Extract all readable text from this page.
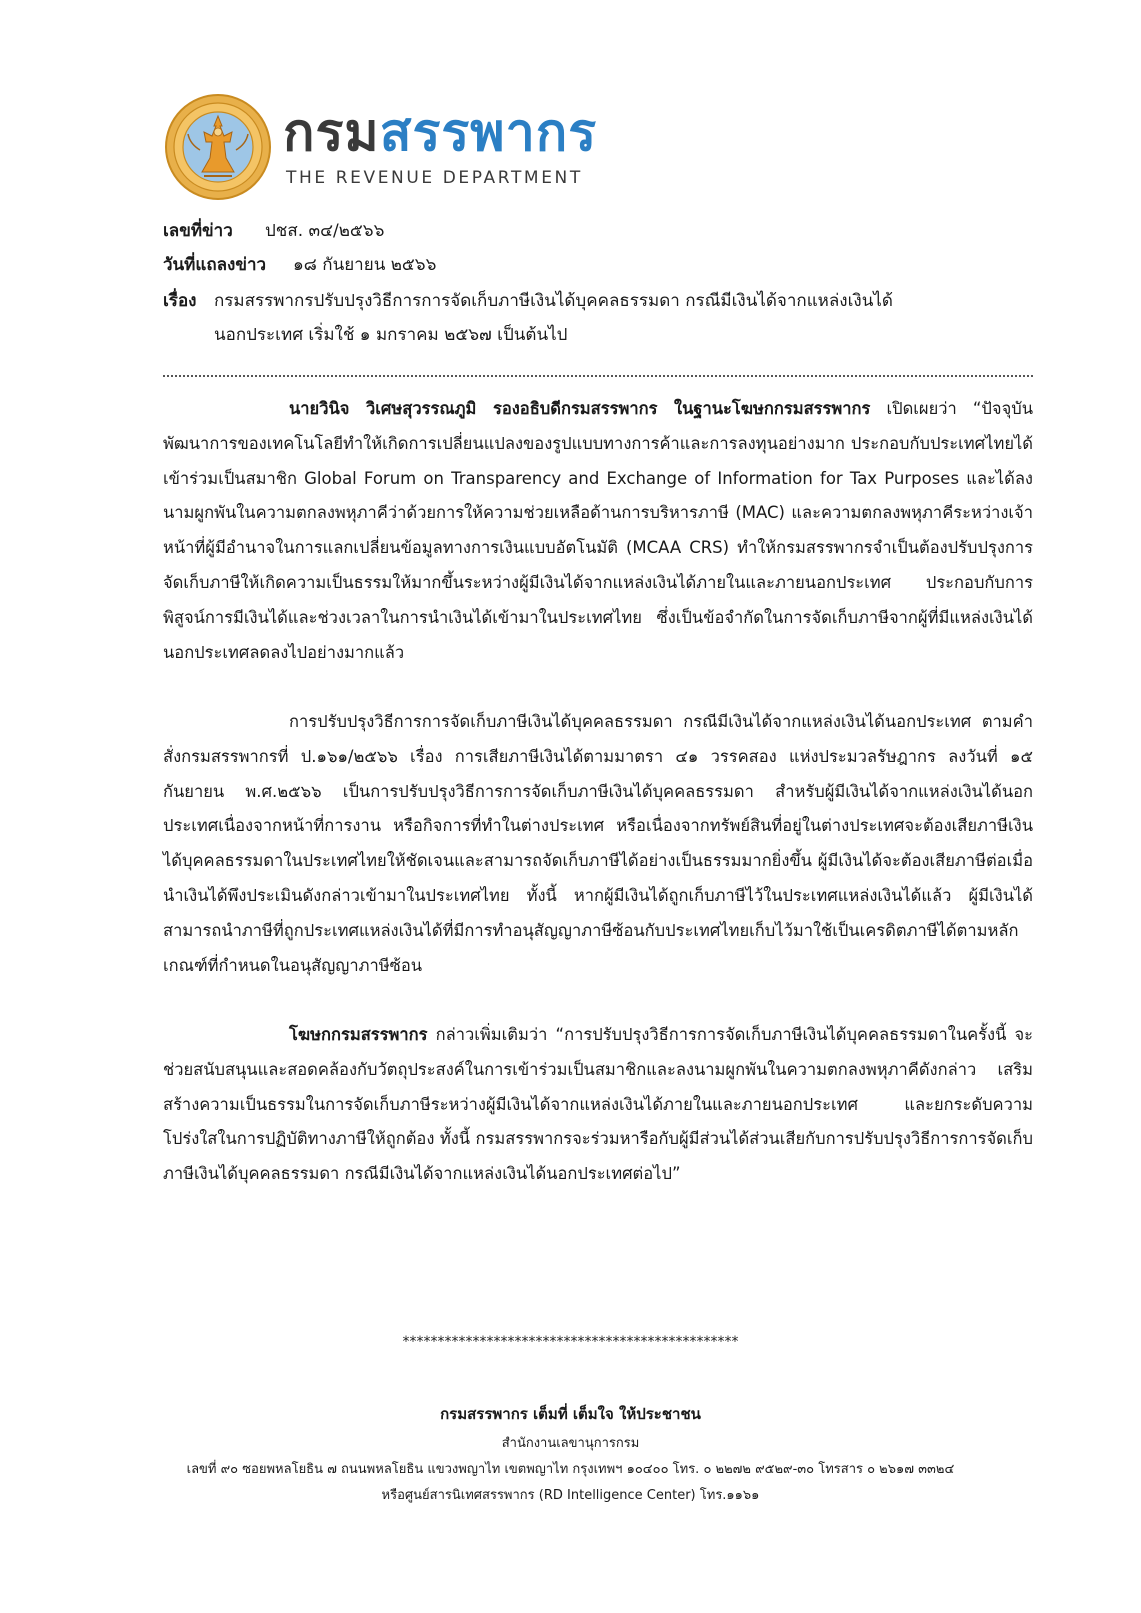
กรมสรรพากร
THE REVENUE DEPARTMENT
เลขที่ข่าว ปชส. ๓๔/๒๕๖๖
วันที่แถลงข่าว ๑๘ กันยายน ๒๕๖๖
เรื่อง กรมสรรพากรปรับปรุงวิธีการการจัดเก็บภาษีเงินได้บุคคลธรรมดา กรณีมีเงินได้จากแหล่งเงินได้
นอกประเทศ เริ่มใช้ ๑ มกราคม ๒๕๖๗ เป็นต้นไป
นายวินิจ วิเศษสุวรรณภูมิ รองอธิบดีกรมสรรพากร ในฐานะโฆษกกรมสรรพากร เปิดเผยว่า “ปัจจุบัน พัฒนาการของเทคโนโลยีทำให้เกิดการเปลี่ยนแปลงของรูปแบบทางการค้าและการลงทุนอย่างมาก ประกอบกับประเทศไทยได้เข้าร่วมเป็นสมาชิก Global Forum on Transparency and Exchange of Information for Tax Purposes และได้ลงนามผูกพันในความตกลงพหุภาคีว่าด้วยการให้ความช่วยเหลือด้านการบริหารภาษี (MAC) และความตกลงพหุภาคีระหว่างเจ้าหน้าที่ผู้มีอำนาจในการแลกเปลี่ยนข้อมูลทางการเงินแบบอัตโนมัติ (MCAA CRS) ทำให้กรมสรรพากรจำเป็นต้องปรับปรุงการจัดเก็บภาษีให้เกิดความเป็นธรรมให้มากขึ้นระหว่างผู้มีเงินได้จากแหล่งเงินได้ภายในและภายนอกประเทศ ประกอบกับการพิสูจน์การมีเงินได้และช่วงเวลาในการนำเงินได้เข้ามาในประเทศไทย ซึ่งเป็นข้อจำกัดในการจัดเก็บภาษีจากผู้ที่มีแหล่งเงินได้นอกประเทศลดลงไปอย่างมากแล้ว
การปรับปรุงวิธีการการจัดเก็บภาษีเงินได้บุคคลธรรมดา กรณีมีเงินได้จากแหล่งเงินได้นอกประเทศ ตามคำสั่งกรมสรรพากรที่ ป.๑๖๑/๒๕๖๖ เรื่อง การเสียภาษีเงินได้ตามมาตรา ๔๑ วรรคสอง แห่งประมวลรัษฎากร ลงวันที่ ๑๕ กันยายน พ.ศ.๒๕๖๖ เป็นการปรับปรุงวิธีการการจัดเก็บภาษีเงินได้บุคคลธรรมดา สำหรับผู้มีเงินได้จากแหล่งเงินได้นอกประเทศเนื่องจากหน้าที่การงาน หรือกิจการที่ทำในต่างประเทศ หรือเนื่องจากทรัพย์สินที่อยู่ในต่างประเทศจะต้องเสียภาษีเงินได้บุคคลธรรมดาในประเทศไทยให้ชัดเจนและสามารถจัดเก็บภาษีได้อย่างเป็นธรรมมากยิ่งขึ้น ผู้มีเงินได้จะต้องเสียภาษีต่อเมื่อนำเงินได้พึงประเมินดังกล่าวเข้ามาในประเทศไทย ทั้งนี้ หากผู้มีเงินได้ถูกเก็บภาษีไว้ในประเทศแหล่งเงินได้แล้ว ผู้มีเงินได้สามารถนำภาษีที่ถูกประเทศแหล่งเงินได้ที่มีการทำอนุสัญญาภาษีซ้อนกับประเทศไทยเก็บไว้มาใช้เป็นเครดิตภาษีได้ตามหลักเกณฑ์ที่กำหนดในอนุสัญญาภาษีซ้อน
โฆษกกรมสรรพากร กล่าวเพิ่มเติมว่า “การปรับปรุงวิธีการการจัดเก็บภาษีเงินได้บุคคลธรรมดาในครั้งนี้ จะช่วยสนับสนุนและสอดคล้องกับวัตถุประสงค์ในการเข้าร่วมเป็นสมาชิกและลงนามผูกพันในความตกลงพหุภาคีดังกล่าว เสริมสร้างความเป็นธรรมในการจัดเก็บภาษีระหว่างผู้มีเงินได้จากแหล่งเงินได้ภายในและภายนอกประเทศ และยกระดับความโปร่งใสในการปฏิบัติทางภาษีให้ถูกต้อง ทั้งนี้ กรมสรรพากรจะร่วมหารือกับผู้มีส่วนได้ส่วนเสียกับการปรับปรุงวิธีการการจัดเก็บภาษีเงินได้บุคคลธรรมดา กรณีมีเงินได้จากแหล่งเงินได้นอกประเทศต่อไป”
************************************************
กรมสรรพากร เต็มที่ เต็มใจ ให้ประชาชน
สำนักงานเลขานุการกรม
เลขที่ ๙๐ ซอยพหลโยธิน ๗ ถนนพหลโยธิน แขวงพญาไท เขตพญาไท กรุงเทพฯ ๑๐๔๐๐ โทร. ๐ ๒๒๗๒ ๙๕๒๙-๓๐ โทรสาร ๐ ๒๖๑๗ ๓๓๒๔
หรือศูนย์สารนิเทศสรรพากร (RD Intelligence Center) โทร.๑๑๖๑
